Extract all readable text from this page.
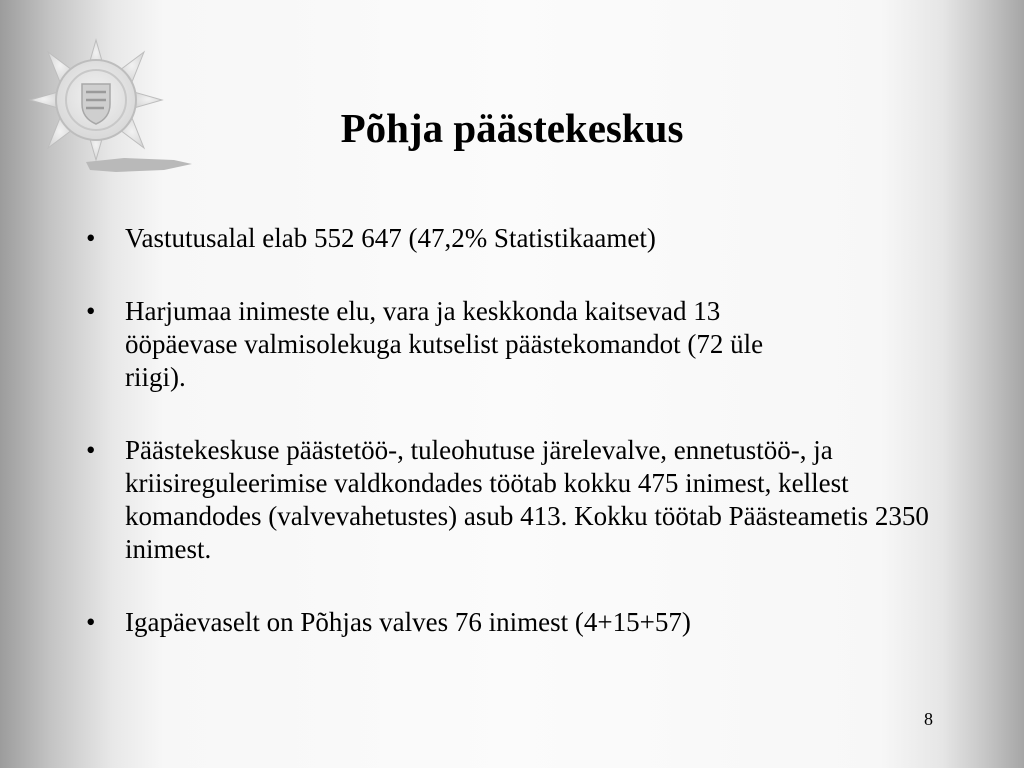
Põhja päästekeskus
• Vastutusalal elab 552 647 (47,2% Statistikaamet)
• Harjumaa inimeste elu, vara ja keskkonda kaitsevad 13 ööpäevase valmisolekuga kutselist päästekomandot (72 üle riigi).
• Päästekeskuse päästetöö-, tuleohutuse järelevalve, ennetustöö-, ja kriisireguleerimise valdkondades töötab kokku 475 inimest, kellest komandodes (valvevahetustes) asub 413. Kokku töötab Päästeametis 2350 inimest.
• Igapäevaselt on Põhjas valves 76 inimest (4+15+57)
8
